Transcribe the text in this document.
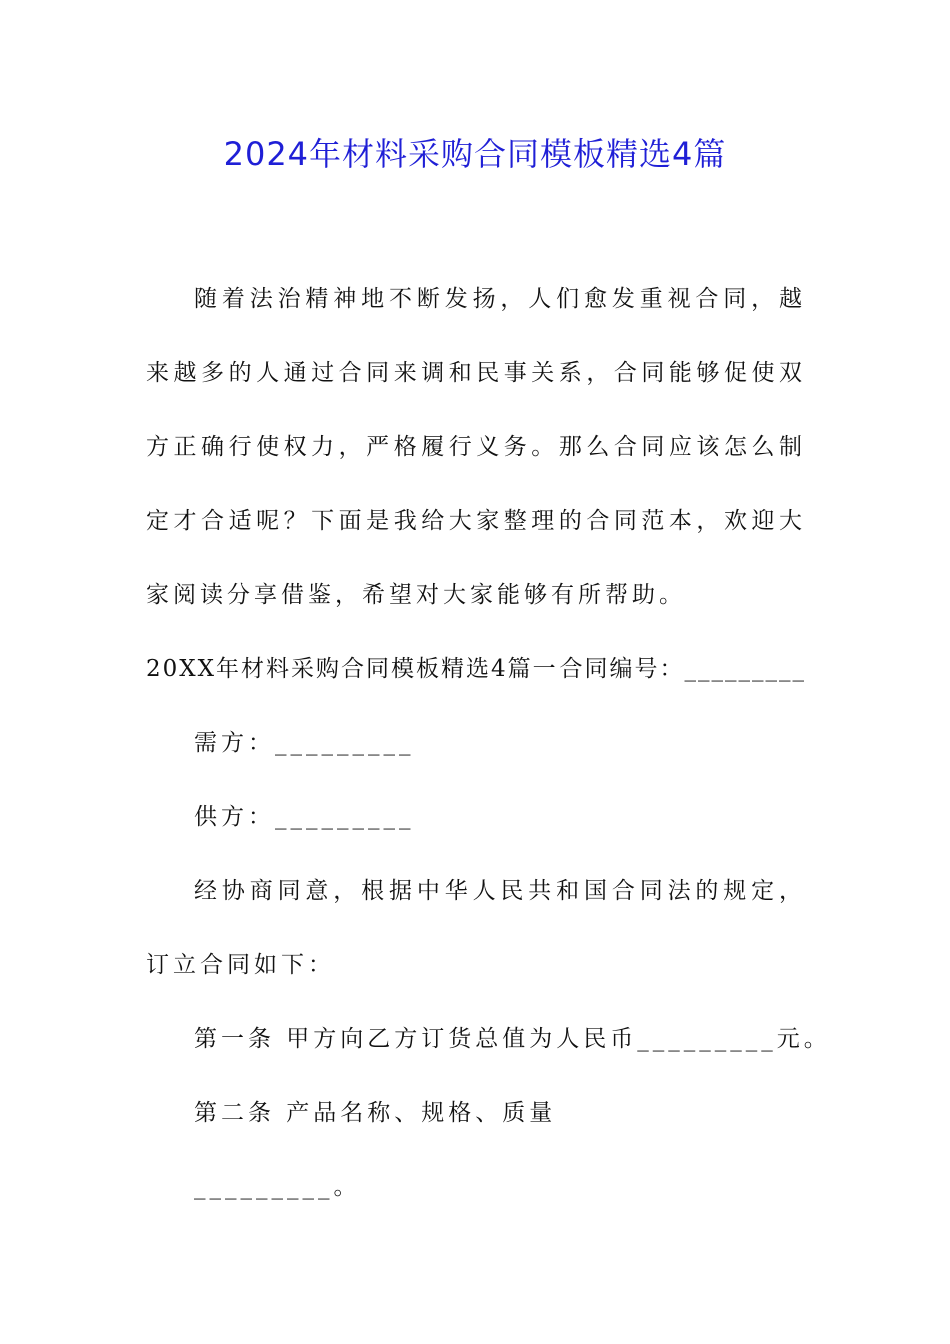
2024年材料采购合同模板精选4篇

随着法治精神地不断发扬，人们愈发重视合同，越来越多的人通过合同来调和民事关系，合同能够促使双方正确行使权力，严格履行义务。那么合同应该怎么制定才合适呢？下面是我给大家整理的合同范本，欢迎大家阅读分享借鉴，希望对大家能够有所帮助。

20XX年材料采购合同模板精选4篇一 合同编号：_________

需方：_________

供方：_________

经协商同意，根据中华人民共和国合同法的规定，订立合同如下：

第一条 甲方向乙方订货总值为人民币_________元。

第二条 产品名称、规格、质量

_________。
